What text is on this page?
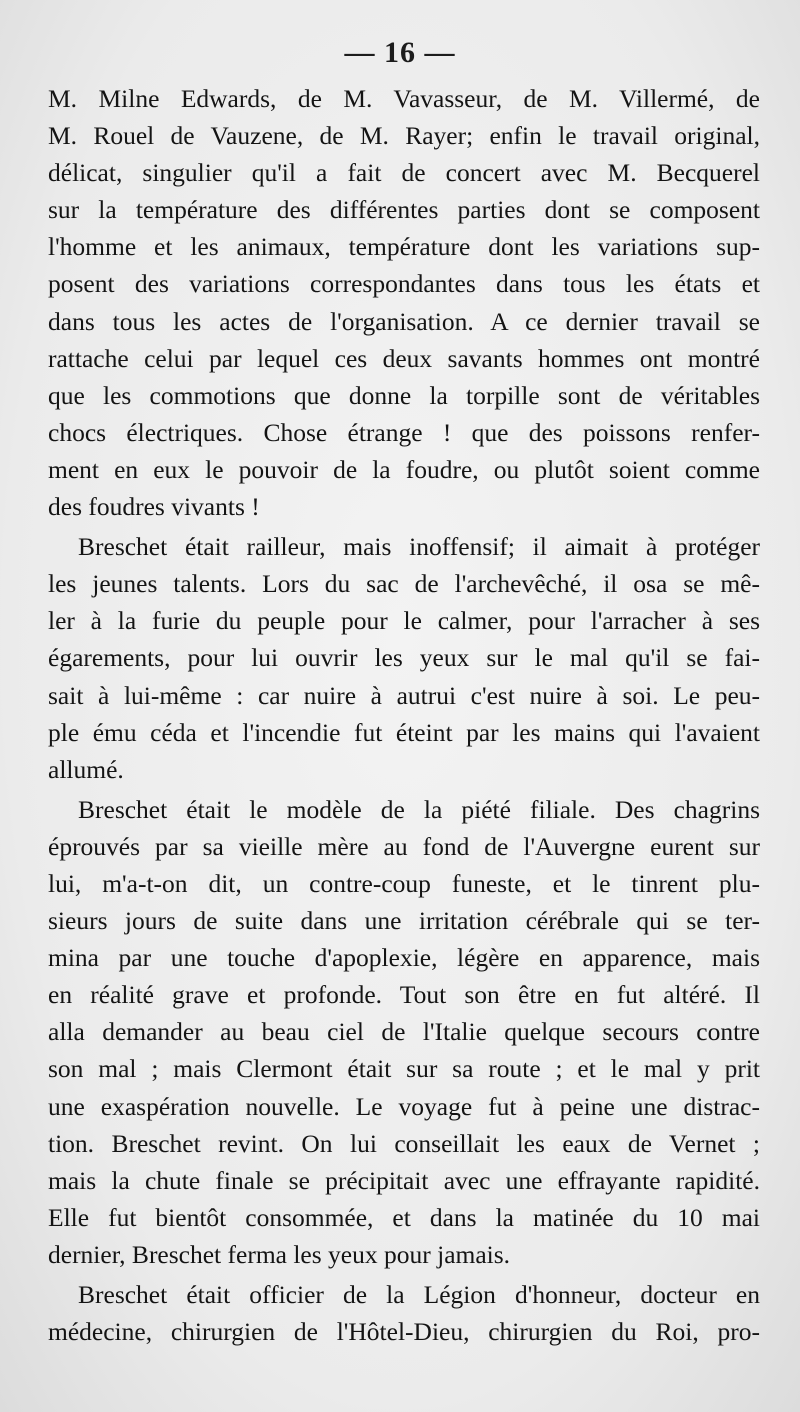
— 16 —
M. Milne Edwards, de M. Vavasseur, de M. Villermé, de
M. Rouel de Vauzene, de M. Rayer; enfin le travail original,
délicat, singulier qu'il a fait de concert avec M. Becquerel
sur la température des différentes parties dont se composent
l'homme et les animaux, température dont les variations sup-
posent des variations correspondantes dans tous les états et
dans tous les actes de l'organisation. A ce dernier travail se
rattache celui par lequel ces deux savants hommes ont montré
que les commotions que donne la torpille sont de véritables
chocs électriques. Chose étrange ! que des poissons renfer-
ment en eux le pouvoir de la foudre, ou plutôt soient comme
des foudres vivants !
Breschet était railleur, mais inoffensif; il aimait à protéger
les jeunes talents. Lors du sac de l'archevêché, il osa se mê-
ler à la furie du peuple pour le calmer, pour l'arracher à ses
égarements, pour lui ouvrir les yeux sur le mal qu'il se fai-
sait à lui-même : car nuire à autrui c'est nuire à soi. Le peu-
ple ému céda et l'incendie fut éteint par les mains qui l'avaient
allumé.
Breschet était le modèle de la piété filiale. Des chagrins
éprouvés par sa vieille mère au fond de l'Auvergne eurent sur
lui, m'a-t-on dit, un contre-coup funeste, et le tinrent plu-
sieurs jours de suite dans une irritation cérébrale qui se ter-
mina par une touche d'apoplexie, légère en apparence, mais
en réalité grave et profonde. Tout son être en fut altéré. Il
alla demander au beau ciel de l'Italie quelque secours contre
son mal ; mais Clermont était sur sa route ; et le mal y prit
une exaspération nouvelle. Le voyage fut à peine une distrac-
tion. Breschet revint. On lui conseillait les eaux de Vernet ;
mais la chute finale se précipitait avec une effrayante rapidité.
Elle fut bientôt consommée, et dans la matinée du 10 mai
dernier, Breschet ferma les yeux pour jamais.
Breschet était officier de la Légion d'honneur, docteur en
médecine, chirurgien de l'Hôtel-Dieu, chirurgien du Roi, pro-
